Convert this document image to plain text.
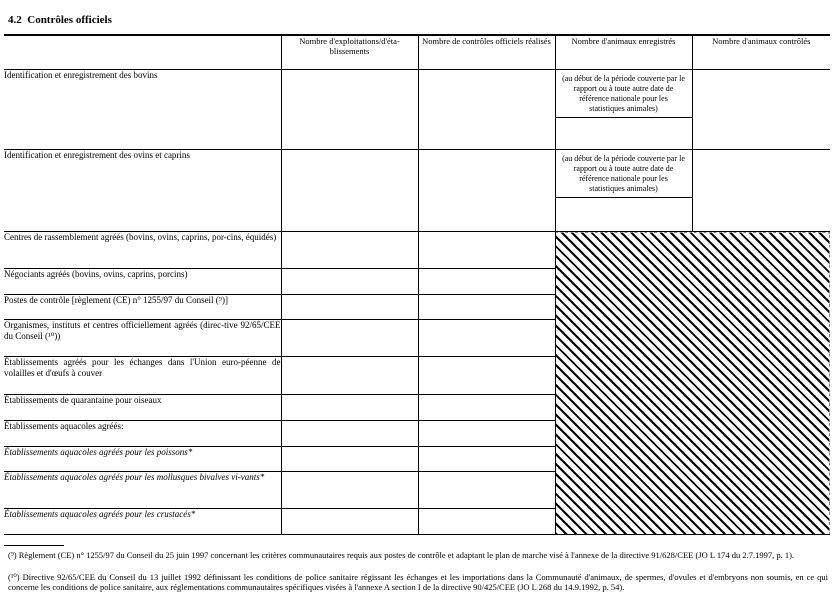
4.2 Contrôles officiels
	Nombre d'exploitations/d'éta-blissements	Nombre de contrôles officiels réalisés	Nombre d'animaux enregistrés	Nombre d'animaux contrôlés
Identification et enregistrement des bovins			(au début de la période couverte par le rapport ou à toute autre date de référence nationale pour les statistiques animales)	

Identification et enregistrement des ovins et caprins			(au début de la période couverte par le rapport ou à toute autre date de référence nationale pour les statistiques animales)	

Centres de rassemblement agréés (bovins, ovins, caprins, por-cins, équidés)				
Négociants agréés (bovins, ovins, caprins, porcins)				
Postes de contrôle [règlement (CE) n° 1255/97 du Conseil (⁹)]				
Organismes, instituts et centres officiellement agréés (direc-tive 92/65/CEE du Conseil (¹⁰))				
Établissements agréés pour les échanges dans l'Union euro-péenne de volailles et d'œufs à couver				
Établissements de quarantaine pour oiseaux				
Établissements aquacoles agréés:				
Établissements aquacoles agréés pour les poissons*				
Établissements aquacoles agréés pour les mollusques bivalves vi-vants*				
Établissements aquacoles agréés pour les crustacés*				
(⁹) Règlement (CE) n° 1255/97 du Conseil du 25 juin 1997 concernant les critères communautaires requis aux postes de contrôle et adaptant le plan de marche visé à l'annexe de la directive 91/628/CEE (JO L 174 du 2.7.1997, p. 1).
(¹⁰) Directive 92/65/CEE du Conseil du 13 juillet 1992 définissant les conditions de police sanitaire régissant les échanges et les importations dans la Communauté d'animaux, de spermes, d'ovules et d'embryons non soumis, en ce qui concerne les conditions de police sanitaire, aux réglementations communautaires spécifiques visées à l'annexe A section I de la directive 90/425/CEE (JO L 268 du 14.9.1992, p. 54).
